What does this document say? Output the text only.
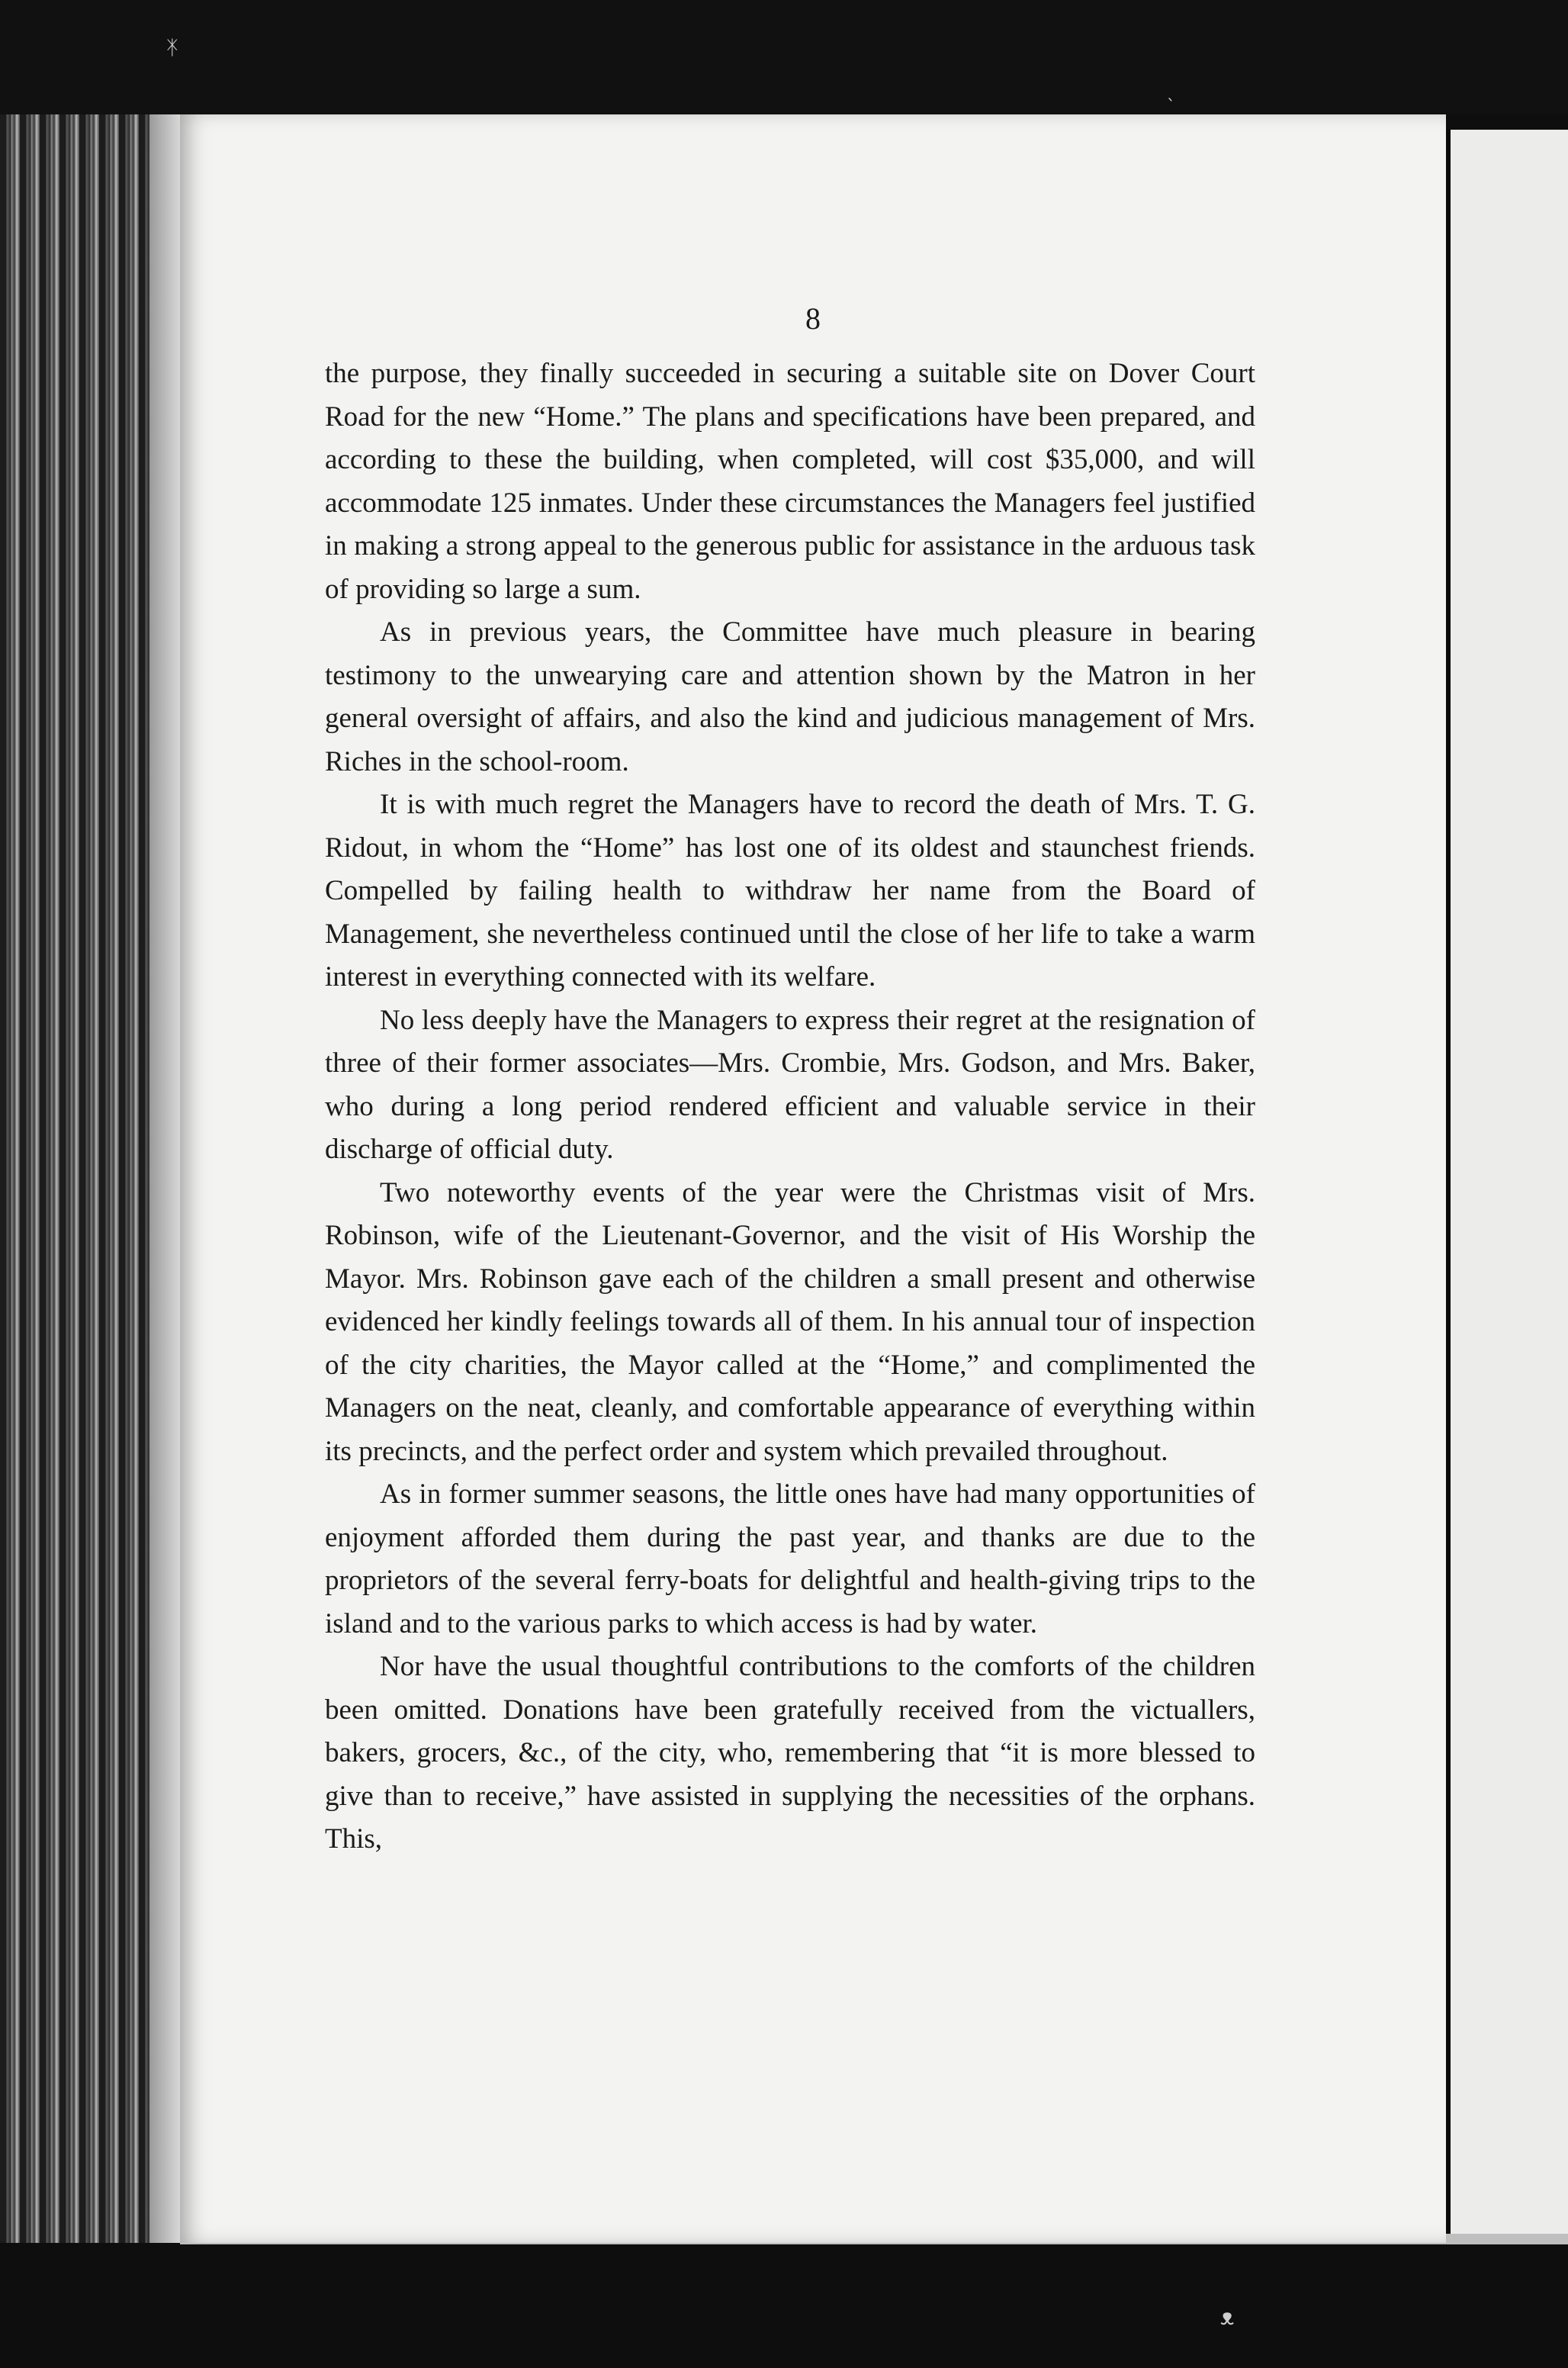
ᛡ
ˎ
ᴥ
8

the purpose, they finally succeeded in securing a suitable site on Dover Court Road for the new “Home.” The plans and specifications have been prepared, and according to these the building, when completed, will cost $35,000, and will accommodate 125 inmates. Under these circumstances the Managers feel justified in making a strong appeal to the generous public for assistance in the arduous task of providing so large a sum.

As in previous years, the Committee have much pleasure in bearing testimony to the unwearying care and attention shown by the Matron in her general oversight of affairs, and also the kind and judicious management of Mrs. Riches in the school-room.

It is with much regret the Managers have to record the death of Mrs. T. G. Ridout, in whom the “Home” has lost one of its oldest and staunchest friends. Compelled by failing health to withdraw her name from the Board of Management, she nevertheless continued until the close of her life to take a warm interest in everything connected with its welfare.

No less deeply have the Managers to express their regret at the resignation of three of their former associates—Mrs. Crombie, Mrs. Godson, and Mrs. Baker, who during a long period rendered efficient and valuable service in their discharge of official duty.

Two noteworthy events of the year were the Christmas visit of Mrs. Robinson, wife of the Lieutenant-Governor, and the visit of His Worship the Mayor. Mrs. Robinson gave each of the children a small present and otherwise evidenced her kindly feelings towards all of them. In his annual tour of inspection of the city charities, the Mayor called at the “Home,” and complimented the Managers on the neat, cleanly, and comfortable appearance of everything within its precincts, and the perfect order and system which prevailed throughout.

As in former summer seasons, the little ones have had many opportunities of enjoyment afforded them during the past year, and thanks are due to the proprietors of the several ferry-boats for delightful and health-giving trips to the island and to the various parks to which access is had by water.

Nor have the usual thoughtful contributions to the comforts of the children been omitted. Donations have been gratefully received from the victuallers, bakers, grocers, &c., of the city, who, remembering that “it is more blessed to give than to receive,” have assisted in supplying the necessities of the orphans. This,
